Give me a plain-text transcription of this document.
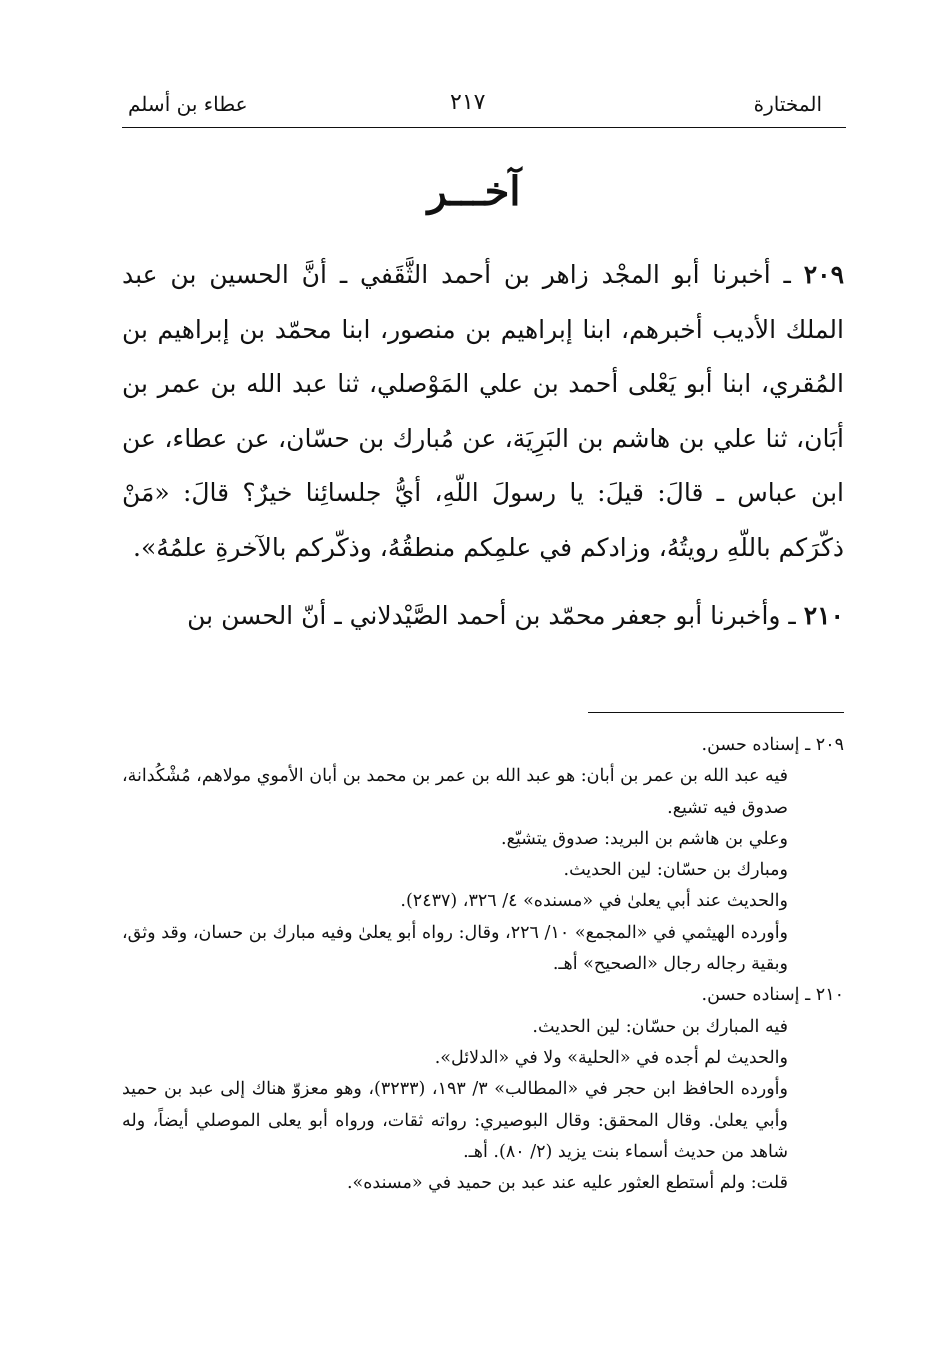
المختارة
٢١٧
عطاء بن أسلم
آخـــر

٢٠٩ ـ أخبرنا أبو المجْد زاهر بن أحمد الثَّقَفي ـ أنَّ الحسين بن عبد الملك الأديب أخبرهم، ابنا إبراهيم بن منصور، ابنا محمّد بن إبراهيم بن المُقري، ابنا أبو يَعْلى أحمد بن علي المَوْصلي، ثنا عبد الله بن عمر بن أبَان، ثنا علي بن هاشم بن البَرِيَة، عن مُبارك بن حسّان، عن عطاء، عن ابن عباس ـ قالَ: قيلَ: يا رسولَ اللّهِ، أيُّ جلسائِنا خيرٌ؟ قالَ: «مَنْ ذكّرَكم باللّهِ رويتُهُ، وزادكم في علمِكم منطقُهُ، وذكّركم بالآخرةِ علمُهُ».

٢١٠ ـ وأخبرنا أبو جعفر محمّد بن أحمد الصَّيْدلاني ـ أنّ الحسن بن

٢٠٩ ـ إسناده حسن.

فيه عبد الله بن عمر بن أبان: هو عبد الله بن عمر بن محمد بن أبان الأموي مولاهم، مُشْكُدانة، صدوق فيه تشيع.

وعلي بن هاشم بن البريد: صدوق يتشيّع.

ومبارك بن حسّان: لين الحديث.

والحديث عند أبي يعلىٰ في «مسنده» ٤/ ٣٢٦، (٢٤٣٧).

وأورده الهيثمي في «المجمع» ١٠/ ٢٢٦، وقال: رواه أبو يعلىٰ وفيه مبارك بن حسان، وقد وثق، وبقية رجاله رجال «الصحيح» أهـ.

٢١٠ ـ إسناده حسن.

فيه المبارك بن حسّان: لين الحديث.

والحديث لم أجده في «الحلية» ولا في «الدلائل».

وأورده الحافظ ابن حجر في «المطالب» ٣/ ١٩٣، (٣٢٣٣)، وهو معزوّ هناك إلى عبد بن حميد وأبي يعلىٰ. وقال المحقق: وقال البوصيري: رواته ثقات، ورواه أبو يعلى الموصلي أيضاً، وله شاهد من حديث أسماء بنت يزيد (٢/ ٨٠). أهـ.

قلت: ولم أستطع العثور عليه عند عبد بن حميد في «مسنده».
